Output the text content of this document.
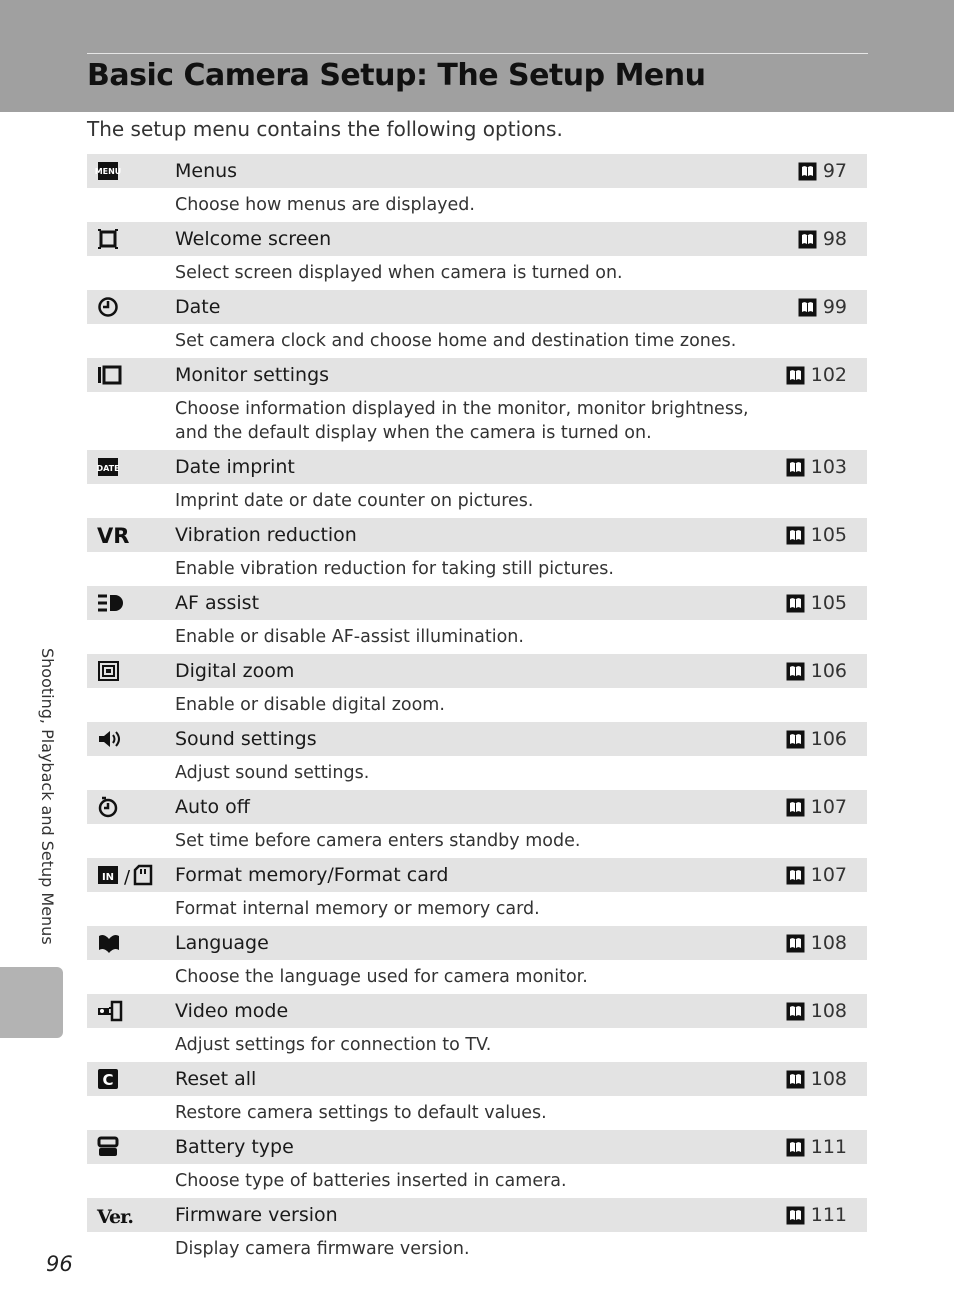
Basic Camera Setup: The Setup Menu
The setup menu contains the following options.
MENU	Menus	97
Choose how menus are displayed.
Welcome screen	98
Select screen displayed when camera is turned on.
Date	99
Set camera clock and choose home and destination time zones.
Monitor settings	102
Choose information displayed in the monitor, monitor brightness, and the default display when the camera is turned on.
DATE	Date imprint	103
Imprint date or date counter on pictures.
VR Vibration reduction	105
Enable vibration reduction for taking still pictures.
AF assist	105
Enable or disable AF-assist illumination.
Digital zoom	106
Enable or disable digital zoom.
Sound settings	106
Adjust sound settings.
Auto off	107
Set time before camera enters standby mode.
IN / Format memory/Format card	107
Format internal memory or memory card.
Language	108
Choose the language used for camera monitor.
Video mode	108
Adjust settings for connection to TV.
C	Reset all	108
Restore camera settings to default values.
Battery type	111
Choose type of batteries inserted in camera.
Ver. Firmware version	111
Display camera firmware version.
Shooting, Playback and Setup Menus
96
